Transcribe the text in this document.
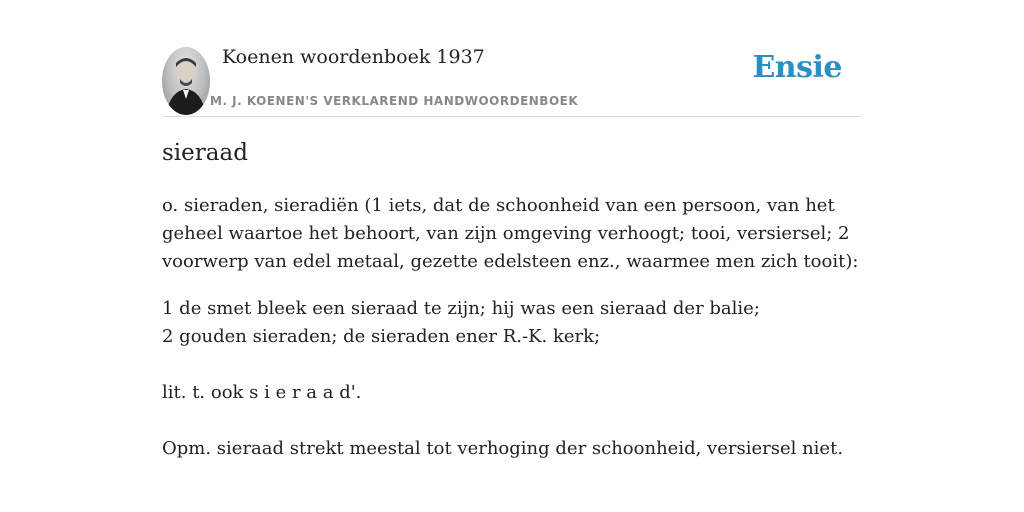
Koenen woordenboek 1937
M. J. KOENEN'S VERKLAREND HANDWOORDENBOEK
Ensie
sieraad

o. sieraden, sieradiën (1 iets, dat de schoonheid van een persoon, van het geheel waartoe het behoort, van zijn omgeving verhoogt; tooi, versiersel; 2 voorwerp van edel metaal, gezette edelsteen enz., waarmee men zich tooit):

1 de smet bleek een sieraad te zijn; hij was een sieraad der balie;

2 gouden sieraden; de sieraden ener R.-K. kerk;

lit. t. ook s i e r a a d'.

Opm. sieraad strekt meestal tot verhoging der schoonheid, versiersel niet.
